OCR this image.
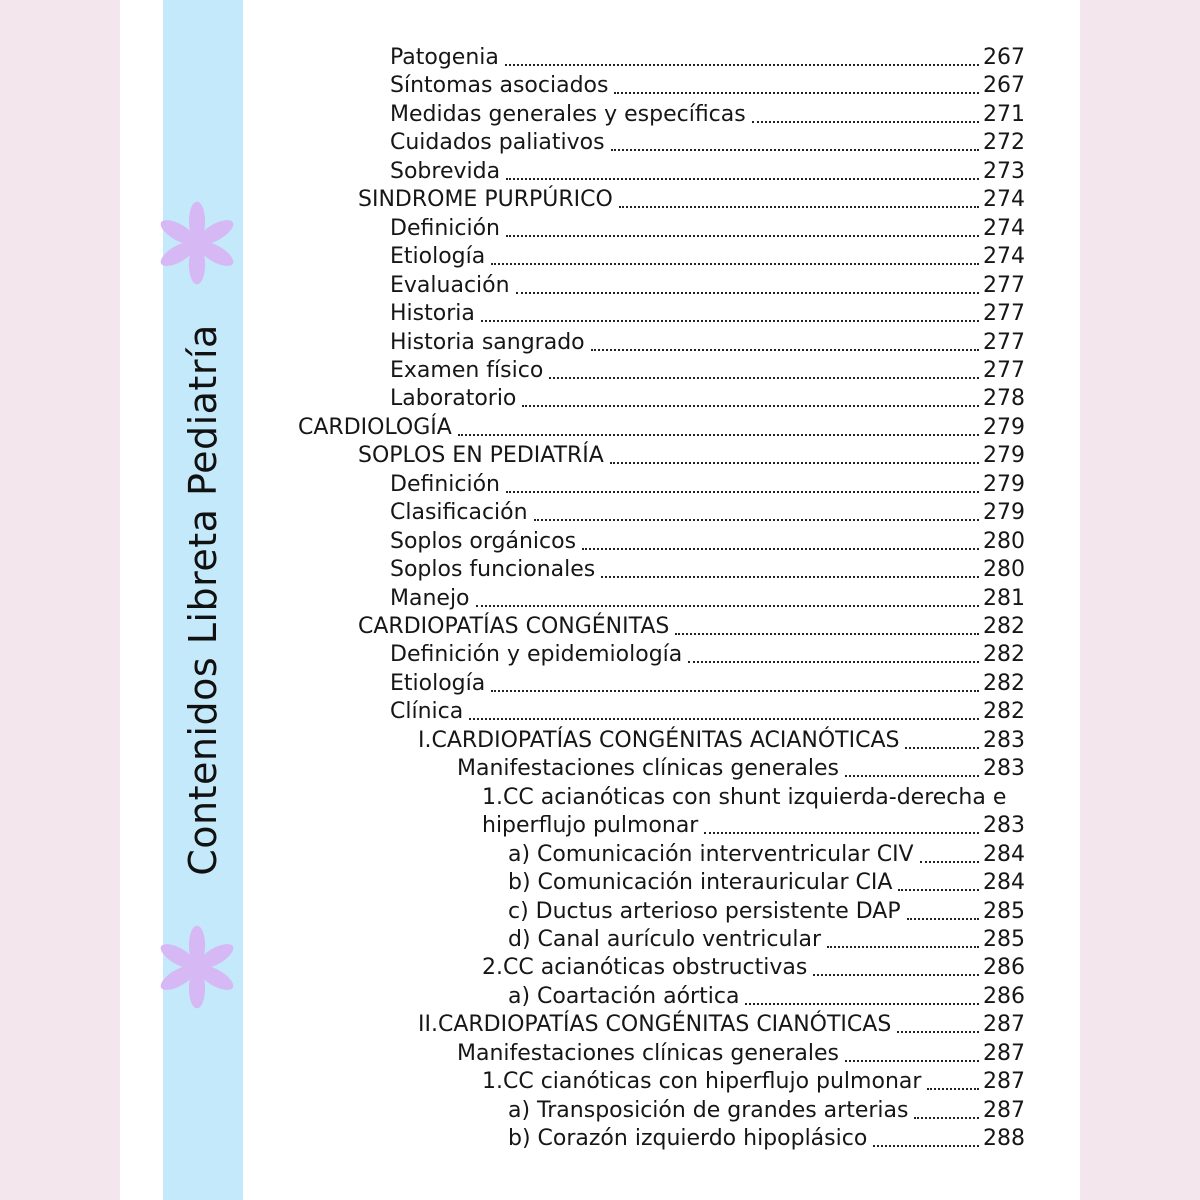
Contenidos Libreta Pediatría
Patogenia	267
Síntomas asociados	267
Medidas generales y específicas	271
Cuidados paliativos	272
Sobrevida	273
SINDROME PURPÚRICO	274
Definición	274
Etiología	274
Evaluación	277
Historia	277
Historia sangrado	277
Examen físico	277
Laboratorio	278
CARDIOLOGÍA	279
SOPLOS EN PEDIATRÍA	279
Definición	279
Clasificación	279
Soplos orgánicos	280
Soplos funcionales	280
Manejo	281
CARDIOPATÍAS CONGÉNITAS	282
Definición y epidemiología	282
Etiología	282
Clínica	282
I.CARDIOPATÍAS CONGÉNITAS ACIANÓTICAS	283
Manifestaciones clínicas generales	283
1.CC acianóticas con shunt izquierda-derecha e
hiperflujo pulmonar	283
a) Comunicación interventricular CIV	284
b) Comunicación interauricular CIA	284
c) Ductus arterioso persistente DAP	285
d) Canal aurículo ventricular	285
2.CC acianóticas obstructivas	286
a) Coartación aórtica	286
II.CARDIOPATÍAS CONGÉNITAS CIANÓTICAS	287
Manifestaciones clínicas generales	287
1.CC cianóticas con hiperflujo pulmonar	287
a) Transposición de grandes arterias	287
b) Corazón izquierdo hipoplásico	288
